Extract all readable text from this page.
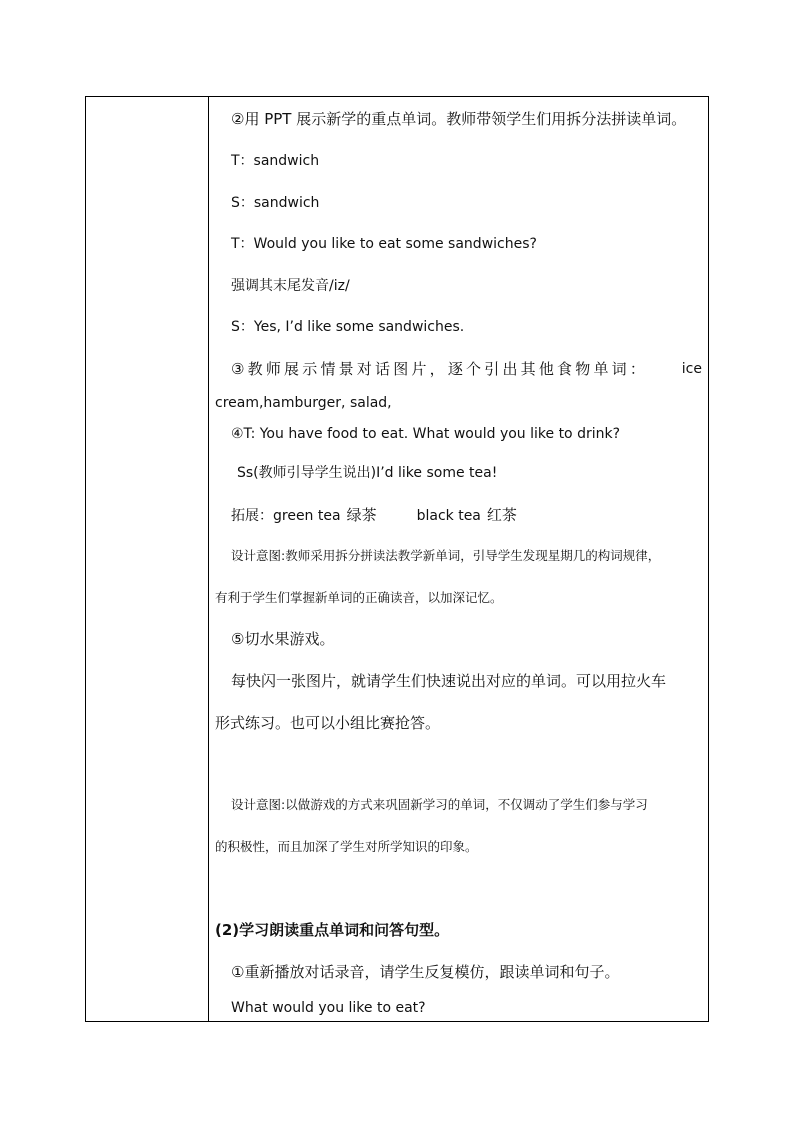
②用 PPT 展示新学的重点单词。教师带领学生们用拆分法拼读单词。
T：sandwich
S：sandwich
T：Would you like to eat some sandwiches?
强调其末尾发音/iz/
S：Yes, I’d like some sandwiches.
③教师展示情景对话图片，逐个引出其他食物单词：	ice
cream,hamburger, salad,
④T: You have food to eat. What would you like to drink?
Ss(教师引导学生说出)I’d like some tea!
拓展：green tea 绿茶	black tea 红茶
设计意图:教师采用拆分拼读法教学新单词，引导学生发现星期几的构词规律，
有利于学生们掌握新单词的正确读音，以加深记忆。
⑤切水果游戏。
每快闪一张图片，就请学生们快速说出对应的单词。可以用拉火车
形式练习。也可以小组比赛抢答。
设计意图:以做游戏的方式来巩固新学习的单词，不仅调动了学生们参与学习
的积极性，而且加深了学生对所学知识的印象。
(2)学习朗读重点单词和问答句型。
①重新播放对话录音，请学生反复模仿，跟读单词和句子。
What would you like to eat?
